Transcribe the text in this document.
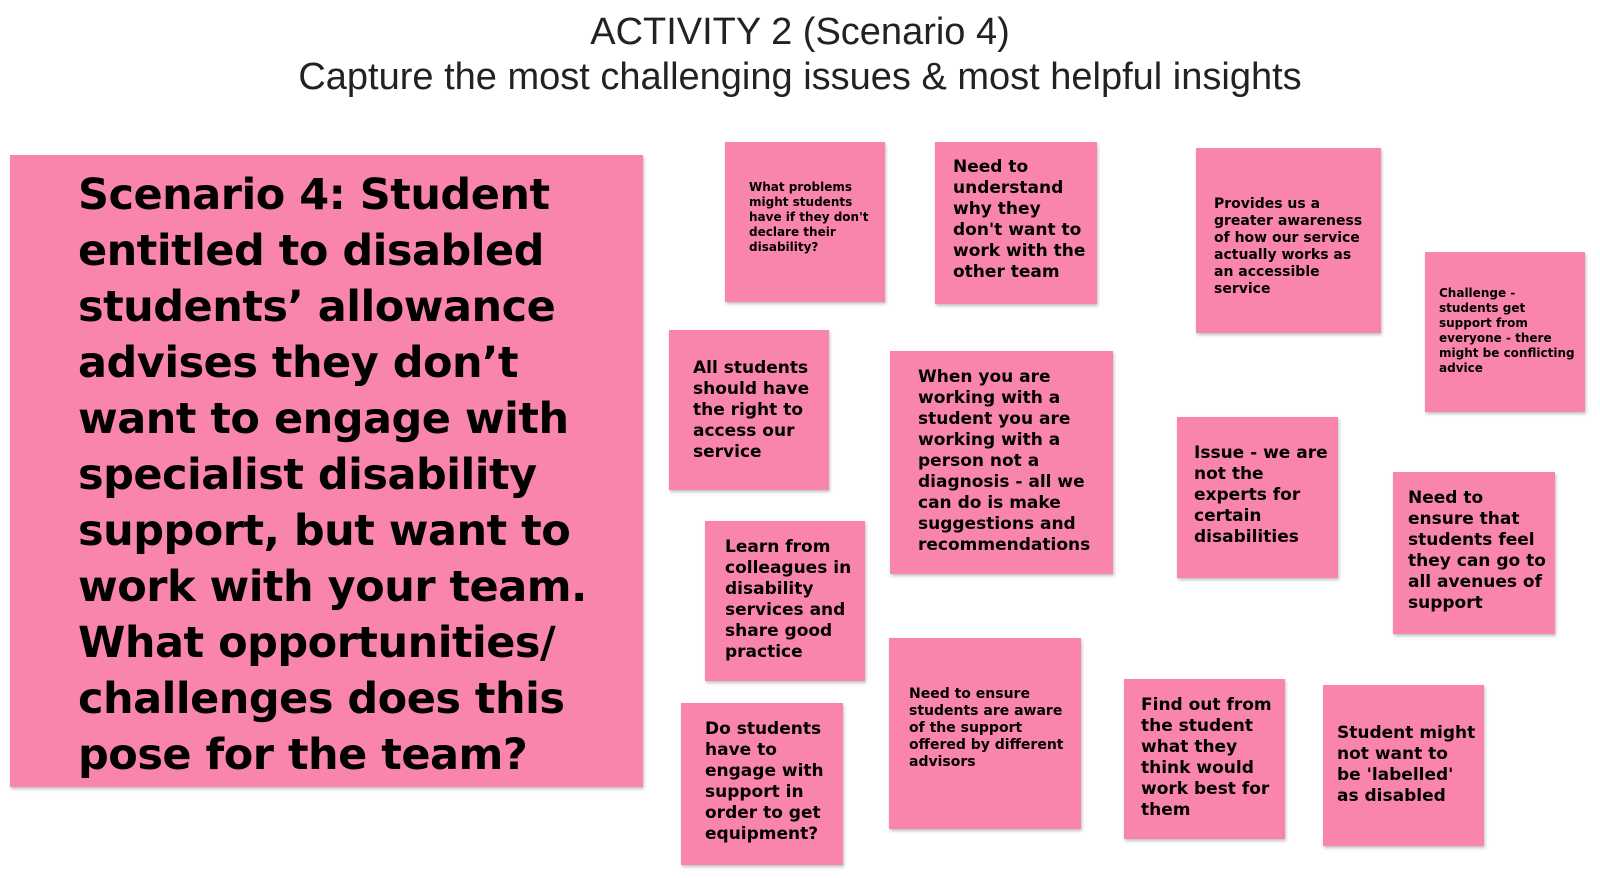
ACTIVITY 2 (Scenario 4)
Capture the most challenging issues & most helpful insights
Scenario 4: Student entitled to disabled students’ allowance advises they don’t want to engage with specialist disability support, but want to work with your team. What opportunities/ challenges does this pose for the team?
What problems might students have if they don't declare their disability?
Need to understand why they don't want to work with the other team
Provides us a greater awareness of how our service actually works as an accessible service	Challenge - students get support from everyone - there might be conflicting advice
All students should have the right to access our service
When you are working with a student you are working with a person not a diagnosis - all we can do is make suggestions and recommendations
Issue - we are not the experts for certain disabilities
Need to ensure that students feel they can go to all avenues of support
Learn from colleagues in disability services and share good practice
Need to ensure students are aware of the support offered by different advisors
Find out from the student what they think would work best for them
Student might not want to be 'labelled' as disabled
Do students have to engage with support in order to get equipment?
